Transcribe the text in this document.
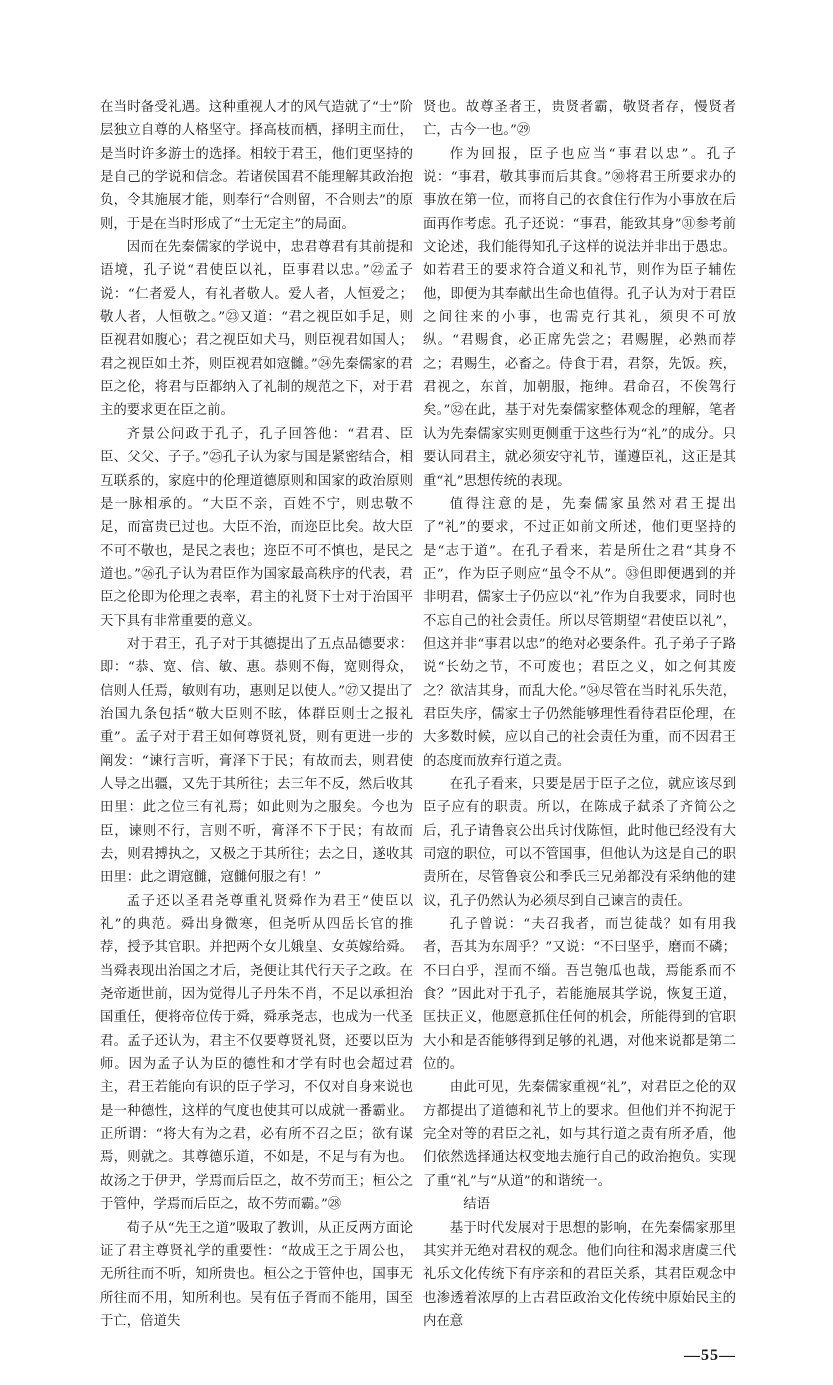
在当时备受礼遇。这种重视人才的风气造就了“士”阶层独立自尊的人格坚守。择高枝而栖，择明主而仕，是当时许多游士的选择。相较于君王，他们更坚持的是自己的学说和信念。若诸侯国君不能理解其政治抱负，令其施展才能，则奉行“合则留，不合则去”的原则，于是在当时形成了“士无定主”的局面。

因而在先秦儒家的学说中，忠君尊君有其前提和语境，孔子说“君使臣以礼，臣事君以忠。”㉒孟子说：“仁者爱人，有礼者敬人。爱人者，人恒爱之；敬人者，人恒敬之。”㉓又道：“君之视臣如手足，则臣视君如腹心；君之视臣如犬马，则臣视君如国人；君之视臣如土芥，则臣视君如寇雠。”㉔先秦儒家的君臣之伦，将君与臣都纳入了礼制的规范之下，对于君主的要求更在臣之前。

齐景公问政于孔子，孔子回答他：“君君、臣臣、父父、子子。”㉕孔子认为家与国是紧密结合，相互联系的，家庭中的伦理道德原则和国家的政治原则是一脉相承的。“大臣不亲，百姓不宁，则忠敬不足，而富贵已过也。大臣不治，而迩臣比矣。故大臣不可不敬也，是民之表也；迩臣不可不慎也，是民之道也。”㉖孔子认为君臣作为国家最高秩序的代表，君臣之伦即为伦理之表率，君主的礼贤下士对于治国平天下具有非常重要的意义。

对于君王，孔子对于其德提出了五点品德要求：即：“恭、宽、信、敏、惠。恭则不侮，宽则得众，信则人任焉，敏则有功，惠则足以使人。”㉗又提出了治国九条包括“敬大臣则不眩，体群臣则士之报礼重”。孟子对于君王如何尊贤礼贤，则有更进一步的阐发：“谏行言听，膏泽下于民；有故而去，则君使人导之出疆，又先于其所往；去三年不反，然后收其田里：此之位三有礼焉；如此则为之服矣。今也为臣，谏则不行，言则不听，膏泽不下于民；有故而去，则君搏执之，又极之于其所往；去之日，遂收其田里：此之谓寇雠，寇雠何服之有！”

孟子还以圣君尧尊重礼贤舜作为君王“使臣以礼”的典范。舜出身微寒，但尧听从四岳长官的推荐，授予其官职。并把两个女儿娥皇、女英嫁给舜。当舜表现出治国之才后，尧便让其代行天子之政。在尧帝逝世前，因为觉得儿子丹朱不肖，不足以承担治国重任，便将帝位传于舜，舜承尧志，也成为一代圣君。孟子还认为，君主不仅要尊贤礼贤，还要以臣为师。因为孟子认为臣的德性和才学有时也会超过君主，君王若能向有识的臣子学习，不仅对自身来说也是一种德性，这样的气度也使其可以成就一番霸业。正所谓：“将大有为之君，必有所不召之臣；欲有谋焉，则就之。其尊德乐道，不如是，不足与有为也。故汤之于伊尹，学焉而后臣之，故不劳而王；桓公之于管仲，学焉而后臣之，故不劳而霸。”㉘

荀子从“先王之道”吸取了教训，从正反两方面论证了君主尊贤礼学的重要性：“故成王之于周公也，无所往而不听，知所贵也。桓公之于管仲也，国事无所往而不用，知所利也。吴有伍子胥而不能用，国至于亡，倍道失

贤也。故尊圣者王，贵贤者霸，敬贤者存，慢贤者亡，古今一也。”㉙

作为回报，臣子也应当“事君以忠”。孔子说：“事君，敬其事而后其食。”㉚将君王所要求办的事放在第一位，而将自己的衣食住行作为小事放在后面再作考虑。孔子还说：“事君，能致其身”㉛参考前文论述，我们能得知孔子这样的说法并非出于愚忠。如若君王的要求符合道义和礼节，则作为臣子辅佐他，即便为其奉献出生命也值得。孔子认为对于君臣之间往来的小事，也需克行其礼，须臾不可放纵。“君赐食，必正席先尝之；君赐腥，必熟而荐之；君赐生，必畜之。侍食于君，君祭，先饭。疾，君视之，东首，加朝服，拖绅。君命召，不俟驾行矣。”㉜在此，基于对先秦儒家整体观念的理解，笔者认为先秦儒家实则更侧重于这些行为“礼”的成分。只要认同君主，就必须安守礼节，谨遵臣礼，这正是其重“礼”思想传统的表现。

值得注意的是，先秦儒家虽然对君王提出了“礼”的要求，不过正如前文所述，他们更坚持的是“志于道”。在孔子看来，若是所仕之君“其身不正”，作为臣子则应“虽令不从”。㉝但即便遇到的并非明君，儒家士子仍应以“礼”作为自我要求，同时也不忘自己的社会责任。所以尽管期望“君使臣以礼”，但这并非“事君以忠”的绝对必要条件。孔子弟子子路说“长幼之节，不可废也；君臣之义，如之何其废之？欲洁其身，而乱大伦。”㉞尽管在当时礼乐失范，君臣失序，儒家士子仍然能够理性看待君臣伦理，在大多数时候，应以自己的社会责任为重，而不因君王的态度而放弃行道之责。

在孔子看来，只要是居于臣子之位，就应该尽到臣子应有的职责。所以，在陈成子弑杀了齐简公之后，孔子请鲁哀公出兵讨伐陈恒，此时他已经没有大司寇的职位，可以不管国事，但他认为这是自己的职责所在，尽管鲁哀公和季氏三兄弟都没有采纳他的建议，孔子仍然认为必须尽到自己谏言的责任。

孔子曾说：“夫召我者，而岂徒哉？如有用我者，吾其为东周乎？”又说：“不曰坚乎，磨而不磷；不曰白乎，涅而不缁。吾岂匏瓜也哉，焉能系而不食？”因此对于孔子，若能施展其学说，恢复王道，匡扶正义，他愿意抓住任何的机会，所能得到的官职大小和是否能够得到足够的礼遇，对他来说都是第二位的。

由此可见，先秦儒家重视“礼”，对君臣之伦的双方都提出了道德和礼节上的要求。但他们并不拘泥于完全对等的君臣之礼，如与其行道之责有所矛盾，他们依然选择通达权变地去施行自己的政治抱负。实现了重“礼”与“从道”的和谐统一。

结语

基于时代发展对于思想的影响，在先秦儒家那里其实并无绝对君权的观念。他们向往和渴求唐虞三代礼乐文化传统下有序亲和的君臣关系，其君臣观念中也渗透着浓厚的上古君臣政治文化传统中原始民主的内在意

—55—
